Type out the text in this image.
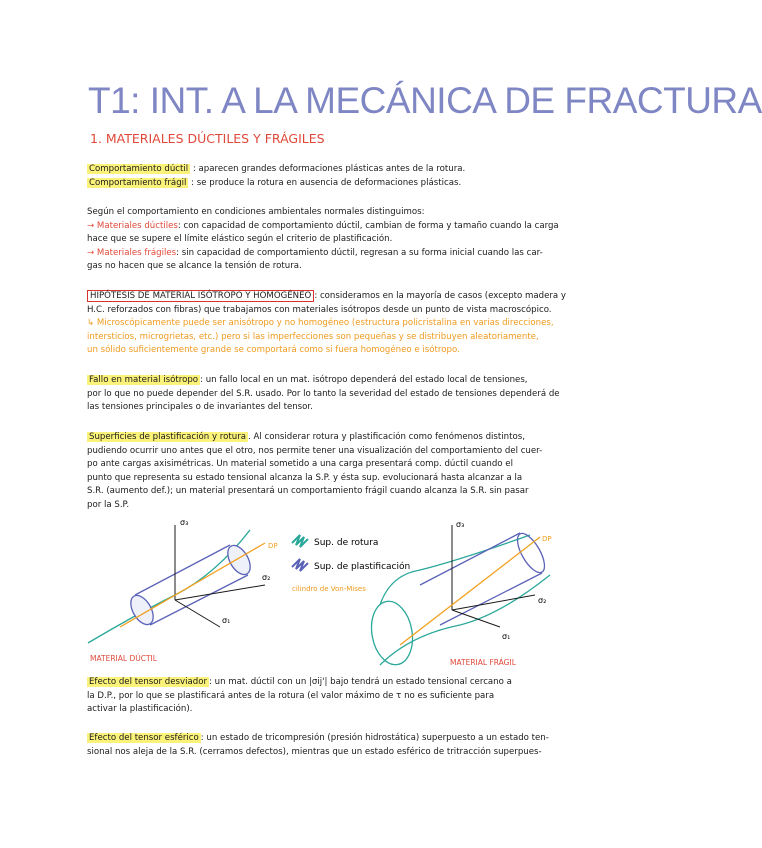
T1: INT. A LA MECÁNICA DE FRACTURA
1. MATERIALES DÚCTILES Y FRÁGILES
Comportamiento dúctil : aparecen grandes deformaciones plásticas antes de la rotura.
Comportamiento frágil : se produce la rotura en ausencia de deformaciones plásticas.
Según el comportamiento en condiciones ambientales normales distinguimos:
→ Materiales dúctiles: con capacidad de comportamiento dúctil, cambian de forma y tamaño cuando la carga
hace que se supere el límite elástico según el criterio de plastificación.
→ Materiales frágiles: sin capacidad de comportamiento dúctil, regresan a su forma inicial cuando las car-
gas no hacen que se alcance la tensión de rotura.
HIPÓTESIS DE MATERIAL ISÓTROPO Y HOMOGÉNEO : consideramos en la mayoría de casos (excepto madera y
H.C. reforzados con fibras) que trabajamos con materiales isótropos desde un punto de vista macroscópico.
↳ Microscópicamente puede ser anisótropo y no homogéneo (estructura policristalina en varias direcciones,
intersticios, microgrietas, etc.) pero si las imperfecciones son pequeñas y se distribuyen aleatoriamente,
un sólido suficientemente grande se comportará como si fuera homogéneo e isótropo.
Fallo en material isótropo : un fallo local en un mat. isótropo dependerá del estado local de tensiones,
por lo que no puede depender del S.R. usado. Por lo tanto la severidad del estado de tensiones dependerá de
las tensiones principales o de invariantes del tensor.
Superficies de plastificación y rotura . Al considerar rotura y plastificación como fenómenos distintos,
pudiendo ocurrir uno antes que el otro, nos permite tener una visualización del comportamiento del cuer-
po ante cargas axisimétricas. Un material sometido a una carga presentará comp. dúctil cuando el
punto que representa su estado tensional alcanza la S.P. y ésta sup. evolucionará hasta alcanzar a la
S.R. (aumento def.); un material presentará un comportamiento frágil cuando alcanza la S.R. sin pasar
por la S.P.
σ₃
σ₂
σ₁
DP
MATERIAL DÚCTIL
Sup. de rotura
Sup. de plastificación
cilindro de Von-Mises
σ₃
σ₂
σ₁
DP
MATERIAL FRÁGIL
Efecto del tensor desviador : un mat. dúctil con un |σij'| bajo tendrá un estado tensional cercano a
la D.P., por lo que se plastificará antes de la rotura (el valor máximo de τ no es suficiente para
activar la plastificación).
Efecto del tensor esférico : un estado de tricompresión (presión hidrostática) superpuesto a un estado ten-
sional nos aleja de la S.R. (cerramos defectos), mientras que un estado esférico de tritracción superpues-
